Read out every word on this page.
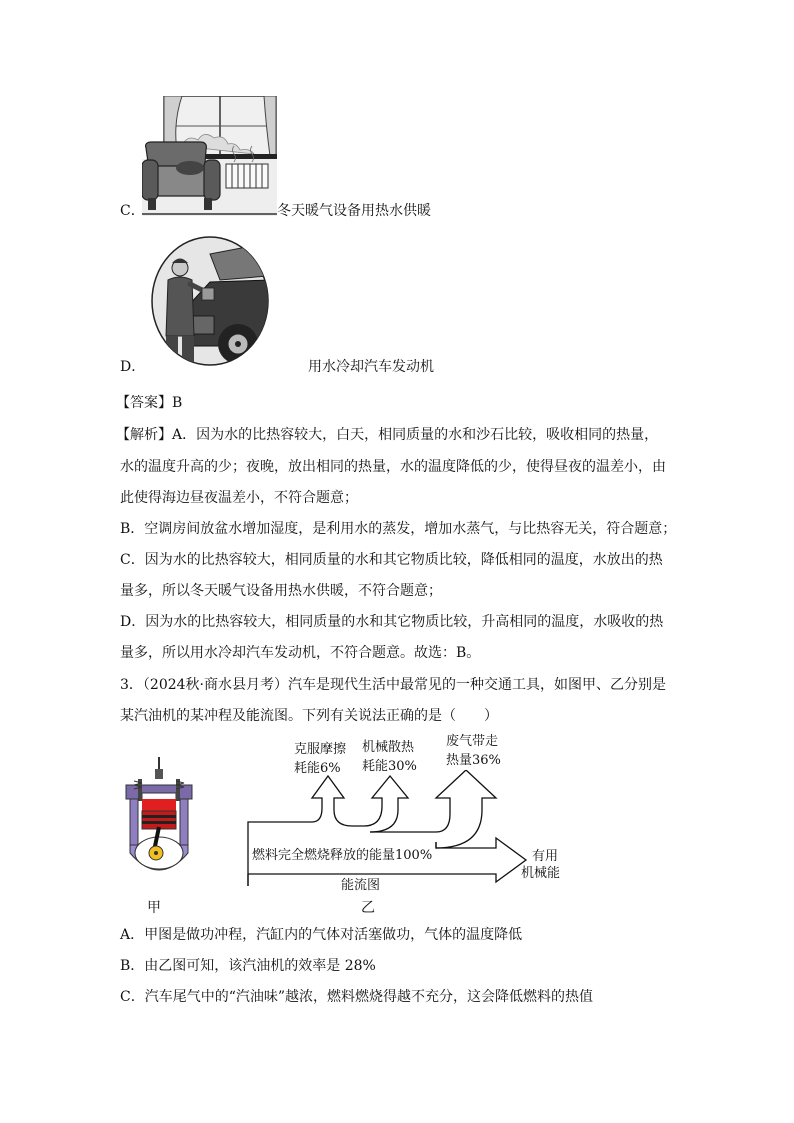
C．	冬天暖气设备用热水供暖
D．	用水冷却汽车发动机
【答案】B
【解析】A．因为水的比热容较大，白天，相同质量的水和沙石比较，吸收相同的热量，
水的温度升高的少；夜晚，放出相同的热量，水的温度降低的少，使得昼夜的温差小，由
此使得海边昼夜温差小，不符合题意；
B．空调房间放盆水增加湿度，是利用水的蒸发，增加水蒸气，与比热容无关，符合题意；
C．因为水的比热容较大，相同质量的水和其它物质比较，降低相同的温度，水放出的热
量多，所以冬天暖气设备用热水供暖，不符合题意；
D．因为水的比热容较大，相同质量的水和其它物质比较，升高相同的温度，水吸收的热
量多，所以用水冷却汽车发动机，不符合题意。故选：B。
3．（2024秋·商水县月考）汽车是现代生活中最常见的一种交通工具，如图甲、乙分别是
某汽油机的某冲程及能流图。下列有关说法正确的是（　　）
克服摩擦
耗能6%
机械散热
耗能30%
废气带走
热量36%
燃料完全燃烧释放的能量100%	有用
机械能
能流图
甲	乙
A．甲图是做功冲程，汽缸内的气体对活塞做功，气体的温度降低
B．由乙图可知，该汽油机的效率是 28%
C．汽车尾气中的“汽油味”越浓，燃料燃烧得越不充分，这会降低燃料的热值
